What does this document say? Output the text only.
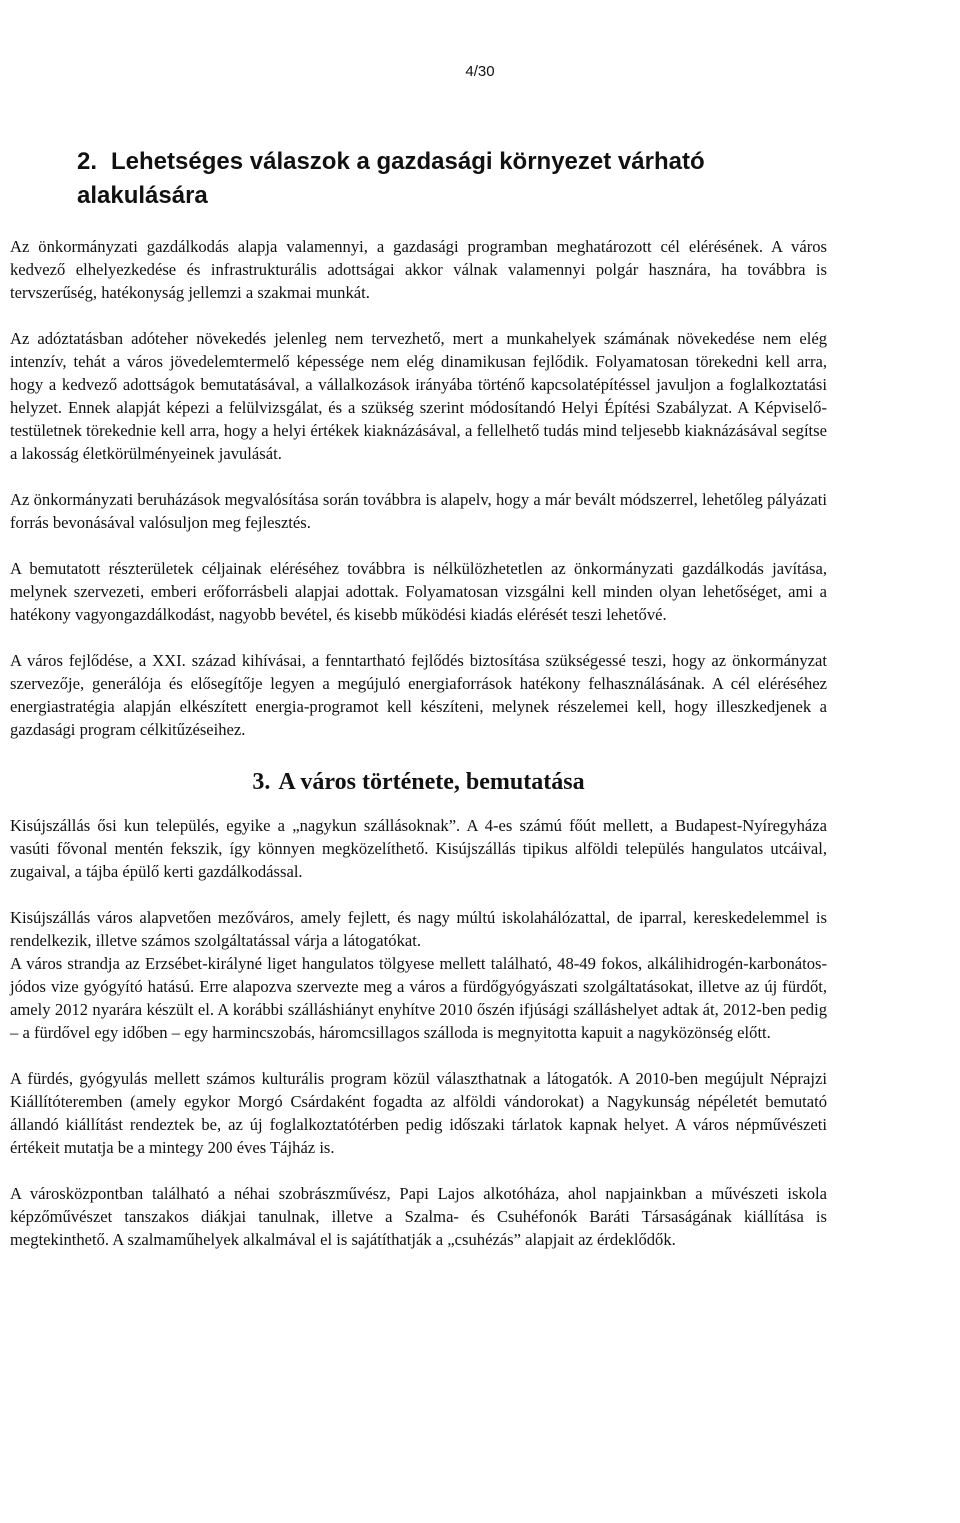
4/30
2. Lehetséges válaszok a gazdasági környezet várható alakulására

Az önkormányzati gazdálkodás alapja valamennyi, a gazdasági programban meghatározott cél elérésének. A város kedvező elhelyezkedése és infrastrukturális adottságai akkor válnak valamennyi polgár hasznára, ha továbbra is tervszerűség, hatékonyság jellemzi a szakmai munkát.

Az adóztatásban adóteher növekedés jelenleg nem tervezhető, mert a munkahelyek számának növekedése nem elég intenzív, tehát a város jövedelemtermelő képessége nem elég dinamikusan fejlődik. Folyamatosan törekedni kell arra, hogy a kedvező adottságok bemutatásával, a vállalkozások irányába történő kapcsolatépítéssel javuljon a foglalkoztatási helyzet. Ennek alapját képezi a felülvizsgálat, és a szükség szerint módosítandó Helyi Építési Szabályzat. A Képviselő-testületnek törekednie kell arra, hogy a helyi értékek kiaknázásával, a fellelhető tudás mind teljesebb kiaknázásával segítse a lakosság életkörülményeinek javulását.

Az önkormányzati beruházások megvalósítása során továbbra is alapelv, hogy a már bevált módszerrel, lehetőleg pályázati forrás bevonásával valósuljon meg fejlesztés.

A bemutatott részterületek céljainak eléréséhez továbbra is nélkülözhetetlen az önkormányzati gazdálkodás javítása, melynek szervezeti, emberi erőforrásbeli alapjai adottak. Folyamatosan vizsgálni kell minden olyan lehetőséget, ami a hatékony vagyongazdálkodást, nagyobb bevétel, és kisebb működési kiadás elérését teszi lehetővé.

A város fejlődése, a XXI. század kihívásai, a fenntartható fejlődés biztosítása szükségessé teszi, hogy az önkormányzat szervezője, generálója és elősegítője legyen a megújuló energiaforrások hatékony felhasználásának. A cél eléréséhez energiastratégia alapján elkészített energia-programot kell készíteni, melynek részelemei kell, hogy illeszkedjenek a gazdasági program célkitűzéseihez.

3. A város története, bemutatása

Kisújszállás ősi kun település, egyike a „nagykun szállásoknak”. A 4-es számú főút mellett, a Budapest-Nyíregyháza vasúti fővonal mentén fekszik, így könnyen megközelíthető. Kisújszállás tipikus alföldi település hangulatos utcáival, zugaival, a tájba épülő kerti gazdálkodással.

Kisújszállás város alapvetően mezőváros, amely fejlett, és nagy múltú iskolahálózattal, de iparral, kereskedelemmel is rendelkezik, illetve számos szolgáltatással várja a látogatókat.

A város strandja az Erzsébet-királyné liget hangulatos tölgyese mellett található, 48-49 fokos, alkálihidrogén-karbonátos-jódos vize gyógyító hatású. Erre alapozva szervezte meg a város a fürdőgyógyászati szolgáltatásokat, illetve az új fürdőt, amely 2012 nyarára készült el. A korábbi szálláshiányt enyhítve 2010 őszén ifjúsági szálláshelyet adtak át, 2012-ben pedig – a fürdővel egy időben – egy harmincszobás, háromcsillagos szálloda is megnyitotta kapuit a nagyközönség előtt.

A fürdés, gyógyulás mellett számos kulturális program közül választhatnak a látogatók. A 2010-ben megújult Néprajzi Kiállítóteremben (amely egykor Morgó Csárdaként fogadta az alföldi vándorokat) a Nagykunság népéletét bemutató állandó kiállítást rendeztek be, az új foglalkoztatótérben pedig időszaki tárlatok kapnak helyet. A város népművészeti értékeit mutatja be a mintegy 200 éves Tájház is.

A városközpontban található a néhai szobrászművész, Papi Lajos alkotóháza, ahol napjainkban a művészeti iskola képzőművészet tanszakos diákjai tanulnak, illetve a Szalma- és Csuhéfonók Baráti Társaságának kiállítása is megtekinthető. A szalmaműhelyek alkalmával el is sajátíthatják a „csuhézás” alapjait az érdeklődők.
